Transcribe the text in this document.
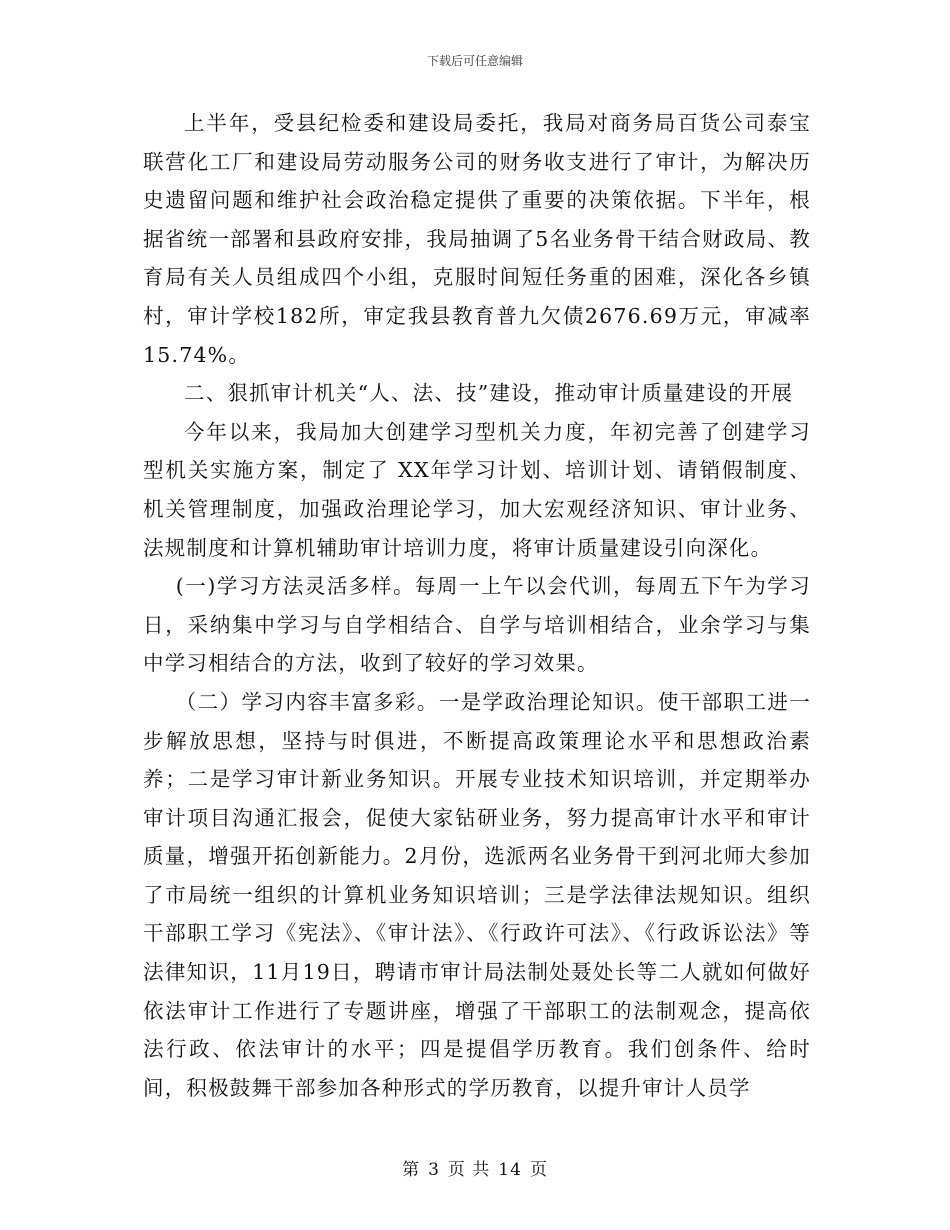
下载后可任意编辑

上半年，受县纪检委和建设局委托，我局对商务局百货公司泰宝联营化工厂和建设局劳动服务公司的财务收支进行了审计，为解决历史遗留问题和维护社会政治稳定提供了重要的决策依据。下半年，根据省统一部署和县政府安排，我局抽调了5名业务骨干结合财政局、教育局有关人员组成四个小组，克服时间短任务重的困难，深化各乡镇村，审计学校182所，审定我县教育普九欠债2676.69万元，审减率15.74%。

二、狠抓审计机关“人、法、技”建设，推动审计质量建设的开展

今年以来，我局加大创建学习型机关力度，年初完善了创建学习型机关实施方案，制定了 XX年学习计划、培训计划、请销假制度、机关管理制度，加强政治理论学习，加大宏观经济知识、审计业务、法规制度和计算机辅助审计培训力度，将审计质量建设引向深化。

(一)学习方法灵活多样。每周一上午以会代训，每周五下午为学习日，采纳集中学习与自学相结合、自学与培训相结合，业余学习与集中学习相结合的方法，收到了较好的学习效果。

（二）学习内容丰富多彩。一是学政治理论知识。使干部职工进一步解放思想，坚持与时俱进，不断提高政策理论水平和思想政治素养；二是学习审计新业务知识。开展专业技术知识培训，并定期举办审计项目沟通汇报会，促使大家钻研业务，努力提高审计水平和审计质量，增强开拓创新能力。2月份，选派两名业务骨干到河北师大参加了市局统一组织的计算机业务知识培训；三是学法律法规知识。组织干部职工学习《宪法》、《审计法》、《行政许可法》、《行政诉讼法》等法律知识，11月19日，聘请市审计局法制处聂处长等二人就如何做好依法审计工作进行了专题讲座，增强了干部职工的法制观念，提高依法行政、依法审计的水平；四是提倡学历教育。我们创条件、给时间，积极鼓舞干部参加各种形式的学历教育，以提升审计人员学

第 3 页 共 14 页
